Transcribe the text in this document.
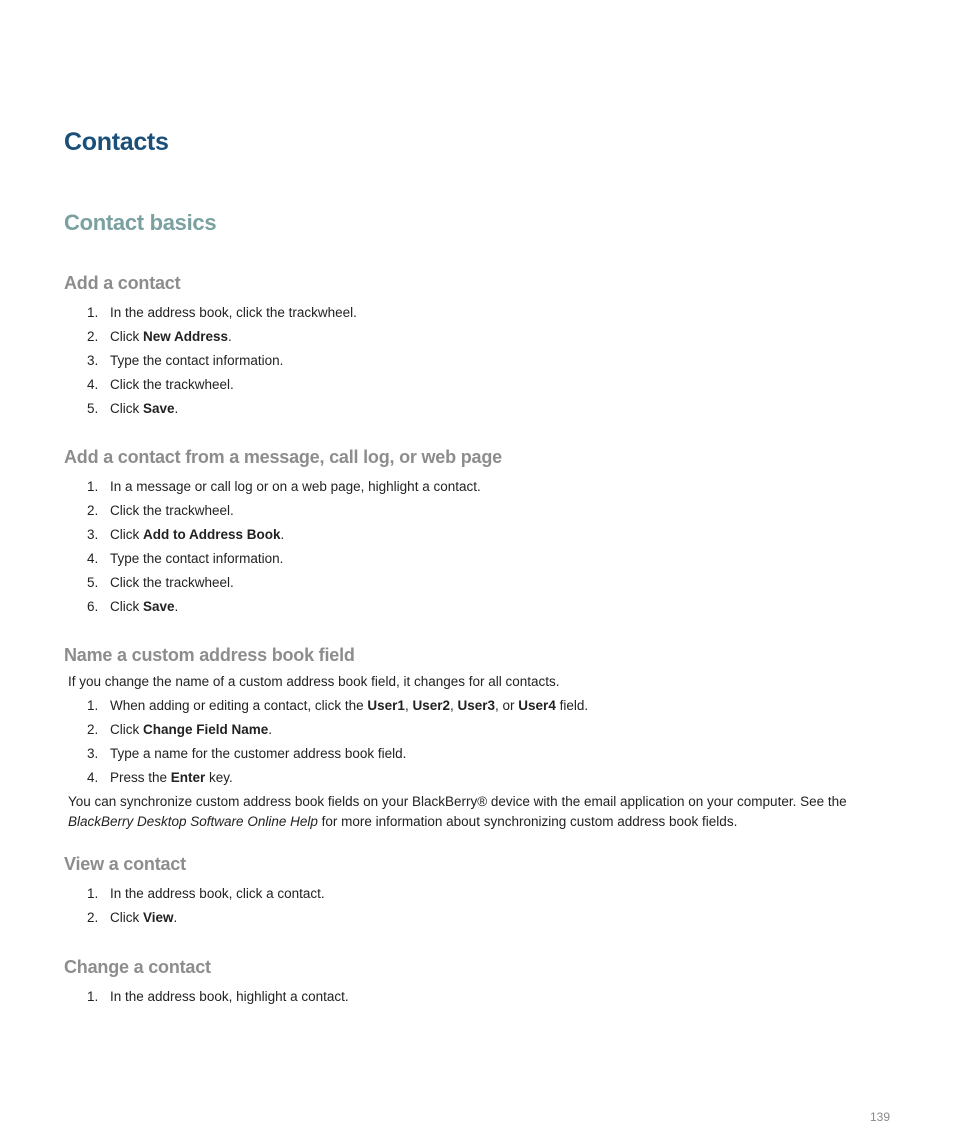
Contacts
Contact basics
Add a contact
1. In the address book, click the trackwheel.
2. Click New Address.
3. Type the contact information.
4. Click the trackwheel.
5. Click Save.
Add a contact from a message, call log, or web page
1. In a message or call log or on a web page, highlight a contact.
2. Click the trackwheel.
3. Click Add to Address Book.
4. Type the contact information.
5. Click the trackwheel.
6. Click Save.
Name a custom address book field

If you change the name of a custom address book field, it changes for all contacts.

1. When adding or editing a contact, click the User1, User2, User3, or User4 field.
2. Click Change Field Name.
3. Type a name for the customer address book field.
4. Press the Enter key.

You can synchronize custom address book fields on your BlackBerry® device with the email application on your computer. See the BlackBerry Desktop Software Online Help for more information about synchronizing custom address book fields.

View a contact
1. In the address book, click a contact.
2. Click View.
Change a contact
1. In the address book, highlight a contact.
139
